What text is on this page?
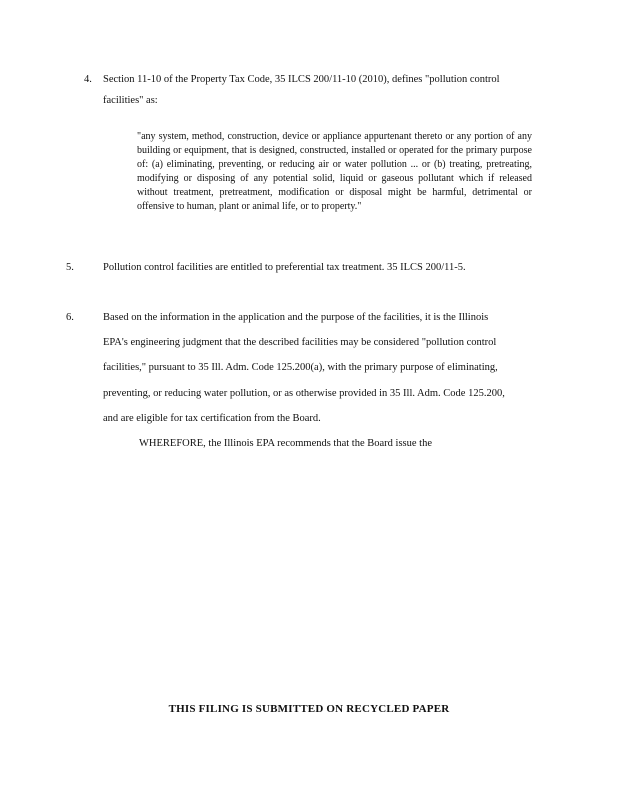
4. Section 11-10 of the Property Tax Code, 35 ILCS 200/11-10 (2010), defines "pollution control

facilities" as:

"any system, method, construction, device or appliance appurtenant thereto or any portion of any building or equipment, that is designed, constructed, installed or operated for the primary purpose of: (a) eliminating, preventing, or reducing air or water pollution ... or (b) treating, pretreating, modifying or disposing of any potential solid, liquid or gaseous pollutant which if released without treatment, pretreatment, modification or disposal might be harmful, detrimental or offensive to human, plant or animal life, or to property."

5.	Pollution control facilities are entitled to preferential tax treatment. 35 ILCS 200/11-5.

6.	Based on the information in the application and the purpose of the facilities, it is the Illinois

EPA's engineering judgment that the described facilities may be considered "pollution control

facilities," pursuant to 35 Ill. Adm. Code 125.200(a), with the primary purpose of eliminating,

preventing, or reducing water pollution, or as otherwise provided in 35 Ill. Adm. Code 125.200,

and are eligible for tax certification from the Board.

WHEREFORE, the Illinois EPA recommends that the Board issue the

THIS FILING IS SUBMITTED ON RECYCLED PAPER
